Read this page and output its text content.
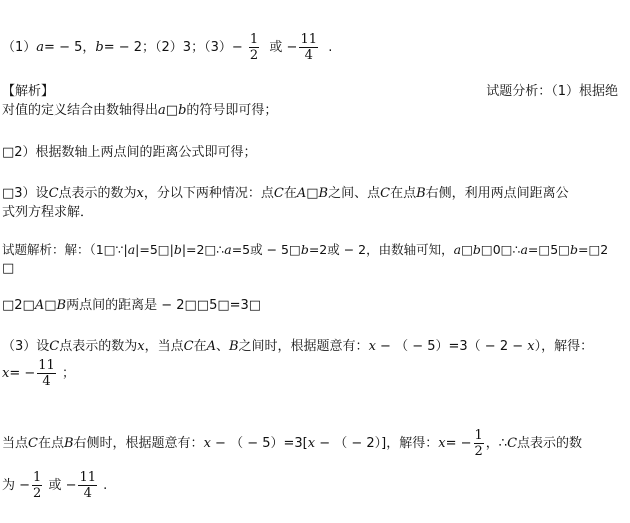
（1）a= − 5，b= − 2；（2）3；$(3)- \frac{1}{2}$ 或 − $\frac{11}{4}$ .
【解析】	试题分析：（1）根据绝
对值的定义结合由数轴得出a□b的符号即可得；
□2）根据数轴上两点间的距离公式即可得；
□3）设C点表示的数为x，分以下两种情况：点C在A□B之间、点C在点B右侧，利用两点间距离公
式列方程求解．
试题解析：解：（1□∵|a|=5□|b|=2□∴a=5或 − 5□b=2或 − 2，由数轴可知，a□b□0□∴a=□5□b=□2
□
□2□A□B两点间的距离是 − 2□□5□=3□
（3）设C点表示的数为x，当点C在A、B之间时，根据题意有：x − （ − 5）=3（ − 2 − x），解得：
$x= - \frac{11}{4}$ ；
当点C在点B右侧时，根据题意有：x − （ − 5）=3[x − （ − 2）]，解得：$x= - \frac{1}{2}$ ，∴C点表示的数
为 − $\frac{1}{2}$ 或 − $\frac{11}{4}$ .
